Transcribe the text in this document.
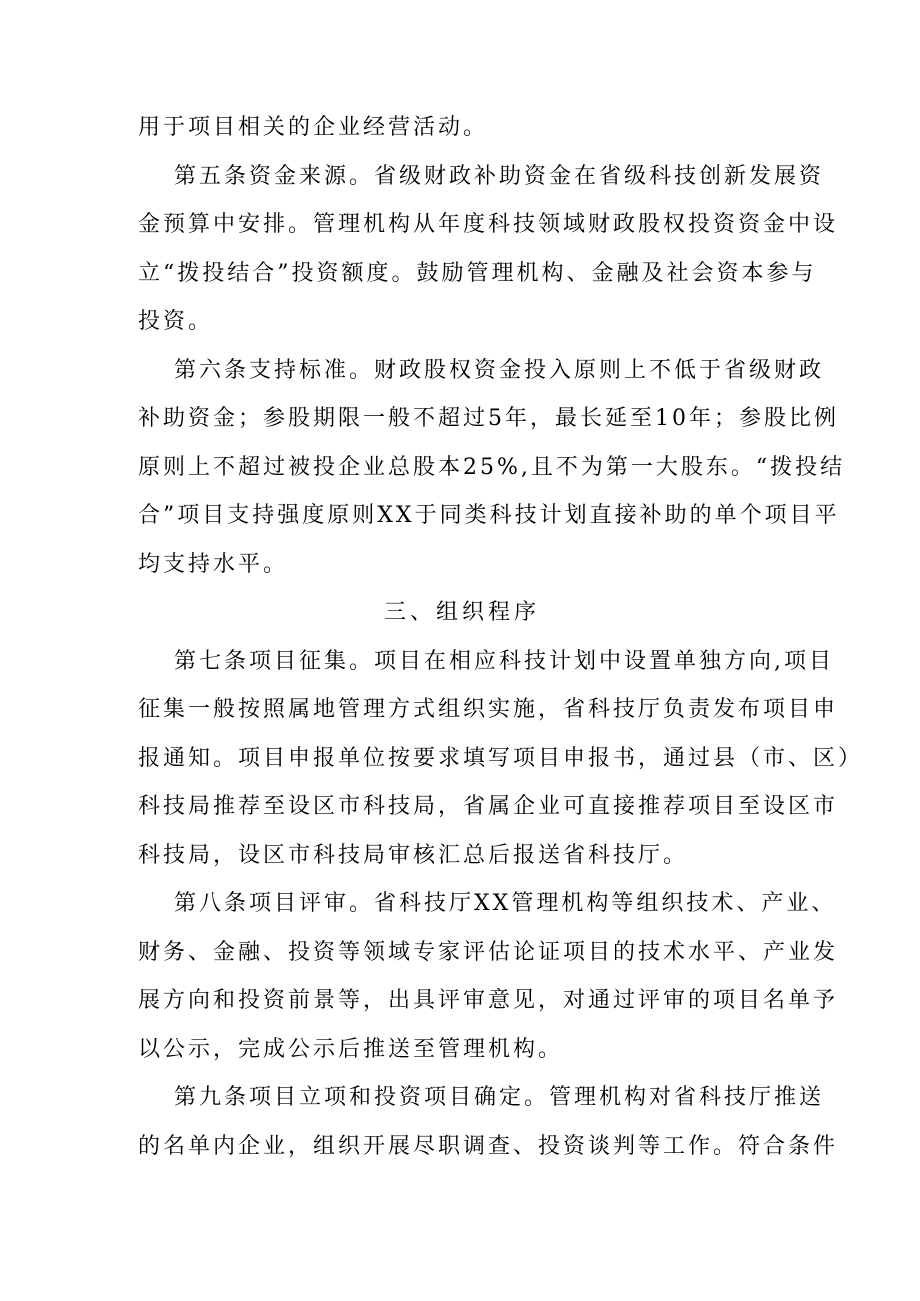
用于项目相关的企业经营活动。
第五条资金来源。省级财政补助资金在省级科技创新发展资
金预算中安排。管理机构从年度科技领域财政股权投资资金中设
立“拨投结合”投资额度。鼓励管理机构、金融及社会资本参与
投资。
第六条支持标准。财政股权资金投入原则上不低于省级财政
补助资金；参股期限一般不超过5年，最长延至10年；参股比例
原则上不超过被投企业总股本25%,且不为第一大股东。“拨投结
合”项目支持强度原则XX于同类科技计划直接补助的单个项目平
均支持水平。
三、组织程序
第七条项目征集。项目在相应科技计划中设置单独方向,项目
征集一般按照属地管理方式组织实施，省科技厅负责发布项目申
报通知。项目申报单位按要求填写项目申报书，通过县（市、区）
科技局推荐至设区市科技局，省属企业可直接推荐项目至设区市
科技局，设区市科技局审核汇总后报送省科技厅。
第八条项目评审。省科技厅XX管理机构等组织技术、产业、
财务、金融、投资等领域专家评估论证项目的技术水平、产业发
展方向和投资前景等，出具评审意见，对通过评审的项目名单予
以公示，完成公示后推送至管理机构。
第九条项目立项和投资项目确定。管理机构对省科技厅推送
的名单内企业，组织开展尽职调查、投资谈判等工作。符合条件
